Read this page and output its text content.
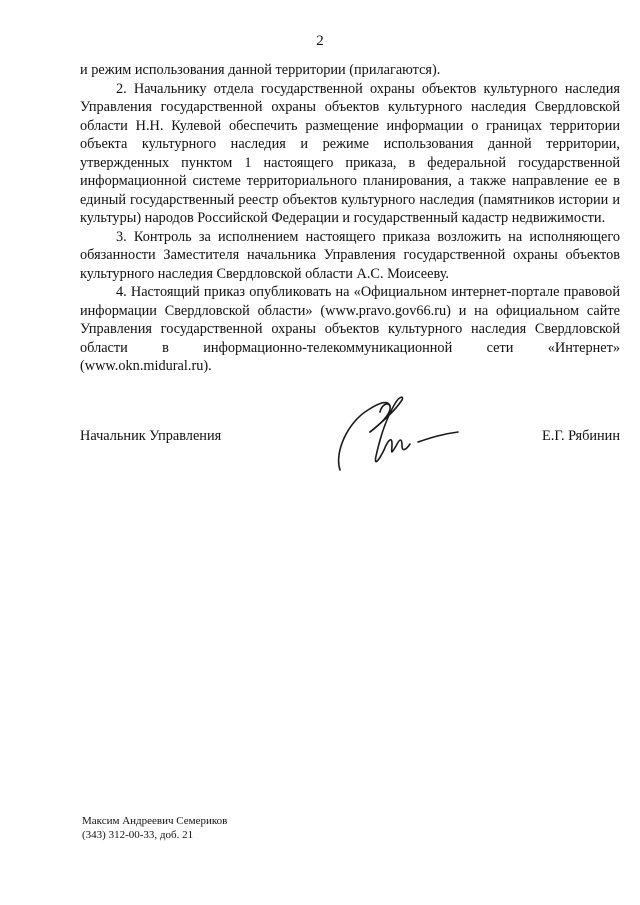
2

и режим использования данной территории (прилагаются).

2. Начальнику отдела государственной охраны объектов культурного наследия Управления государственной охраны объектов культурного наследия Свердловской области Н.Н. Кулевой обеспечить размещение информации о границах территории объекта культурного наследия и режиме использования данной территории, утвержденных пунктом 1 настоящего приказа, в федеральной государственной информационной системе территориального планирования, а также направление ее в единый государственный реестр объектов культурного наследия (памятников истории и культуры) народов Российской Федерации и государственный кадастр недвижимости.

3. Контроль за исполнением настоящего приказа возложить на исполняющего обязанности Заместителя начальника Управления государственной охраны объектов культурного наследия Свердловской области А.С. Моисееву.

4. Настоящий приказ опубликовать на «Официальном интернет-портале правовой информации Свердловской области» (www.pravo.gov66.ru) и на официальном сайте Управления государственной охраны объектов культурного наследия Свердловской области в информационно-телекоммуникационной сети «Интернет» (www.okn.midural.ru).

Начальник Управления	Е.Г. Рябинин
Максим Андреевич Семериков
(343) 312-00-33, доб. 21
